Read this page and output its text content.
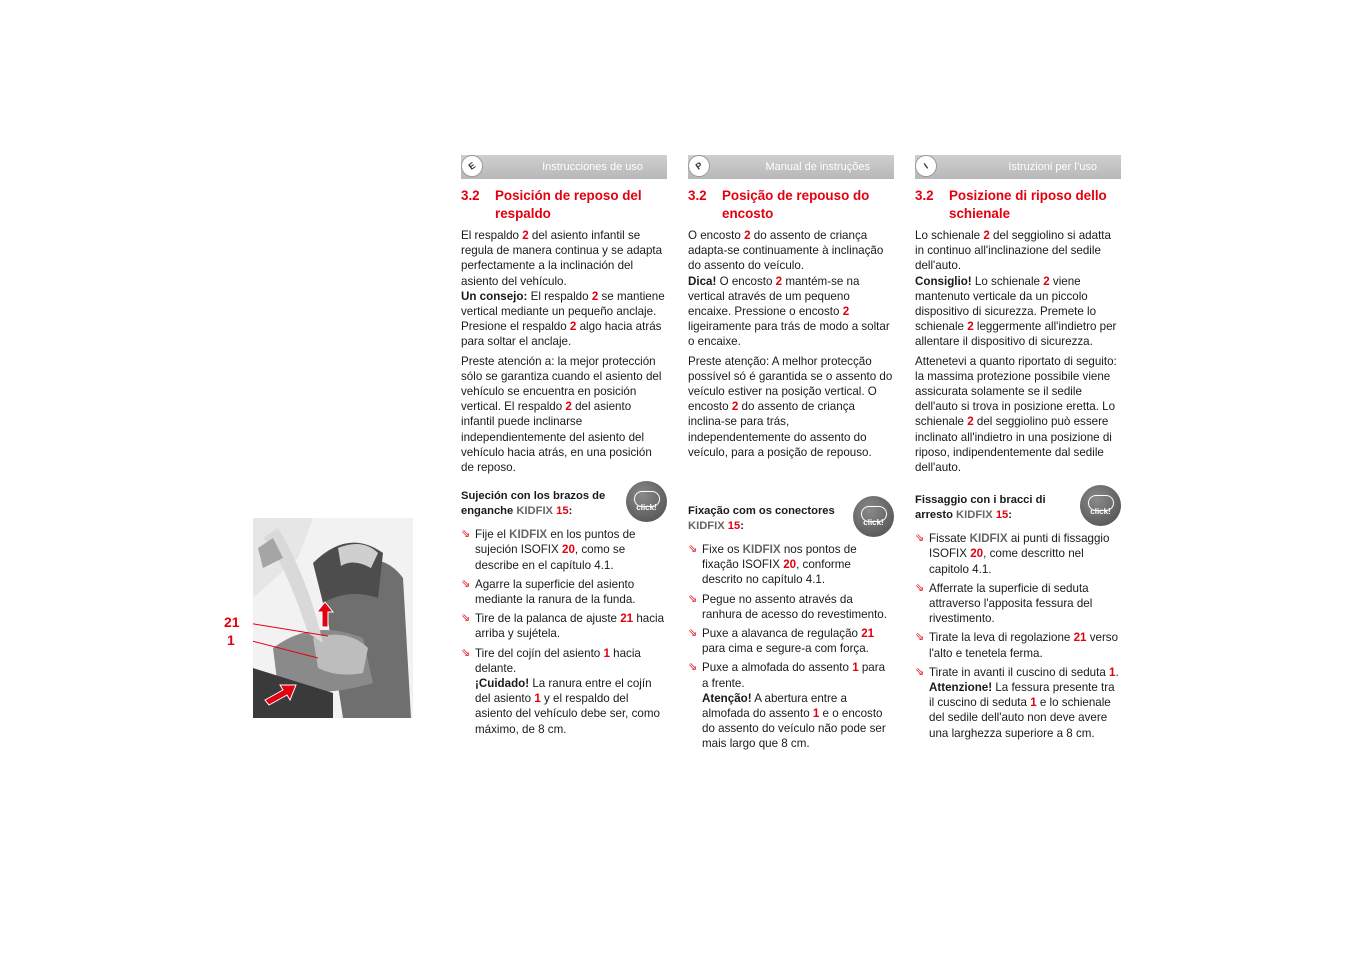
21
1
E	Instrucciones de uso
3.2	Posición de reposo del respaldo
El respaldo 2 del asiento infantil se regula de manera continua y se adapta perfectamente a la inclinación del asiento del vehículo.
Un consejo: El respaldo 2 se mantiene vertical mediante un pequeño anclaje. Presione el respaldo 2 algo hacia atrás para soltar el anclaje.
Preste atención a: la mejor protección sólo se garantiza cuando el asiento del vehículo se encuentra en posición vertical. El respaldo 2 del asiento infantil puede inclinarse independientemente del asiento del vehículo hacia atrás, en una posición de reposo.
Sujeción con los brazos de enganche KIDFIX 15:	click!
⇘ Fije el KIDFIX en los puntos de sujeción ISOFIX 20, como se describe en el capítulo 4.1.
⇘ Agarre la superficie del asiento mediante la ranura de la funda.
⇘ Tire de la palanca de ajuste 21 hacia arriba y sujétela.
⇘ Tire del cojín del asiento 1 hacia delante.
¡Cuidado! La ranura entre el cojín del asiento 1 y el respaldo del asiento del vehículo debe ser, como máximo, de 8 cm.
P	Manual de instruções
3.2	Posição de repouso do encosto
O encosto 2 do assento de criança adapta-se continuamente à inclinação do assento do veículo.
Dica! O encosto 2 mantém-se na vertical através de um pequeno encaixe. Pressione o encosto 2 ligeiramente para trás de modo a soltar o encaixe.
Preste atenção: A melhor protecção possível só é garantida se o assento do veículo estiver na posição vertical. O encosto 2 do assento de criança inclina-se para trás, independentemente do assento do veículo, para a posição de repouso.
Fixação com os conectores KIDFIX 15:	click!
⇘ Fixe os KIDFIX nos pontos de fixação ISOFIX 20, conforme descrito no capítulo 4.1.
⇘ Pegue no assento através da ranhura de acesso do revestimento.
⇘ Puxe a alavanca de regulação 21 para cima e segure-a com força.
⇘ Puxe a almofada do assento 1 para a frente.
Atenção! A abertura entre a almofada do assento 1 e o encosto do assento do veículo não pode ser mais largo que 8 cm.
I	Istruzioni per l’uso
3.2	Posizione di riposo dello schienale
Lo schienale 2 del seggiolino si adatta in continuo all'inclinazione del sedile dell'auto.
Consiglio! Lo schienale 2 viene mantenuto verticale da un piccolo dispositivo di sicurezza. Premete lo schienale 2 leggermente all'indietro per allentare il dispositivo di sicurezza.
Attenetevi a quanto riportato di seguito: la massima protezione possibile viene assicurata solamente se il sedile dell'auto si trova in posizione eretta. Lo schienale 2 del seggiolino può essere inclinato all'indietro in una posizione di riposo, indipendentemente dal sedile dell'auto.
Fissaggio con i bracci di arresto KIDFIX 15:	click!
⇘ Fissate KIDFIX ai punti di fissaggio ISOFIX 20, come descritto nel capitolo 4.1.
⇘ Afferrate la superficie di seduta attraverso l'apposita fessura del rivestimento.
⇘ Tirate la leva di regolazione 21 verso l'alto e tenetela ferma.
⇘ Tirate in avanti il cuscino di seduta 1.
Attenzione! La fessura presente tra il cuscino di seduta 1 e lo schienale del sedile dell'auto non deve avere una larghezza superiore a 8 cm.
